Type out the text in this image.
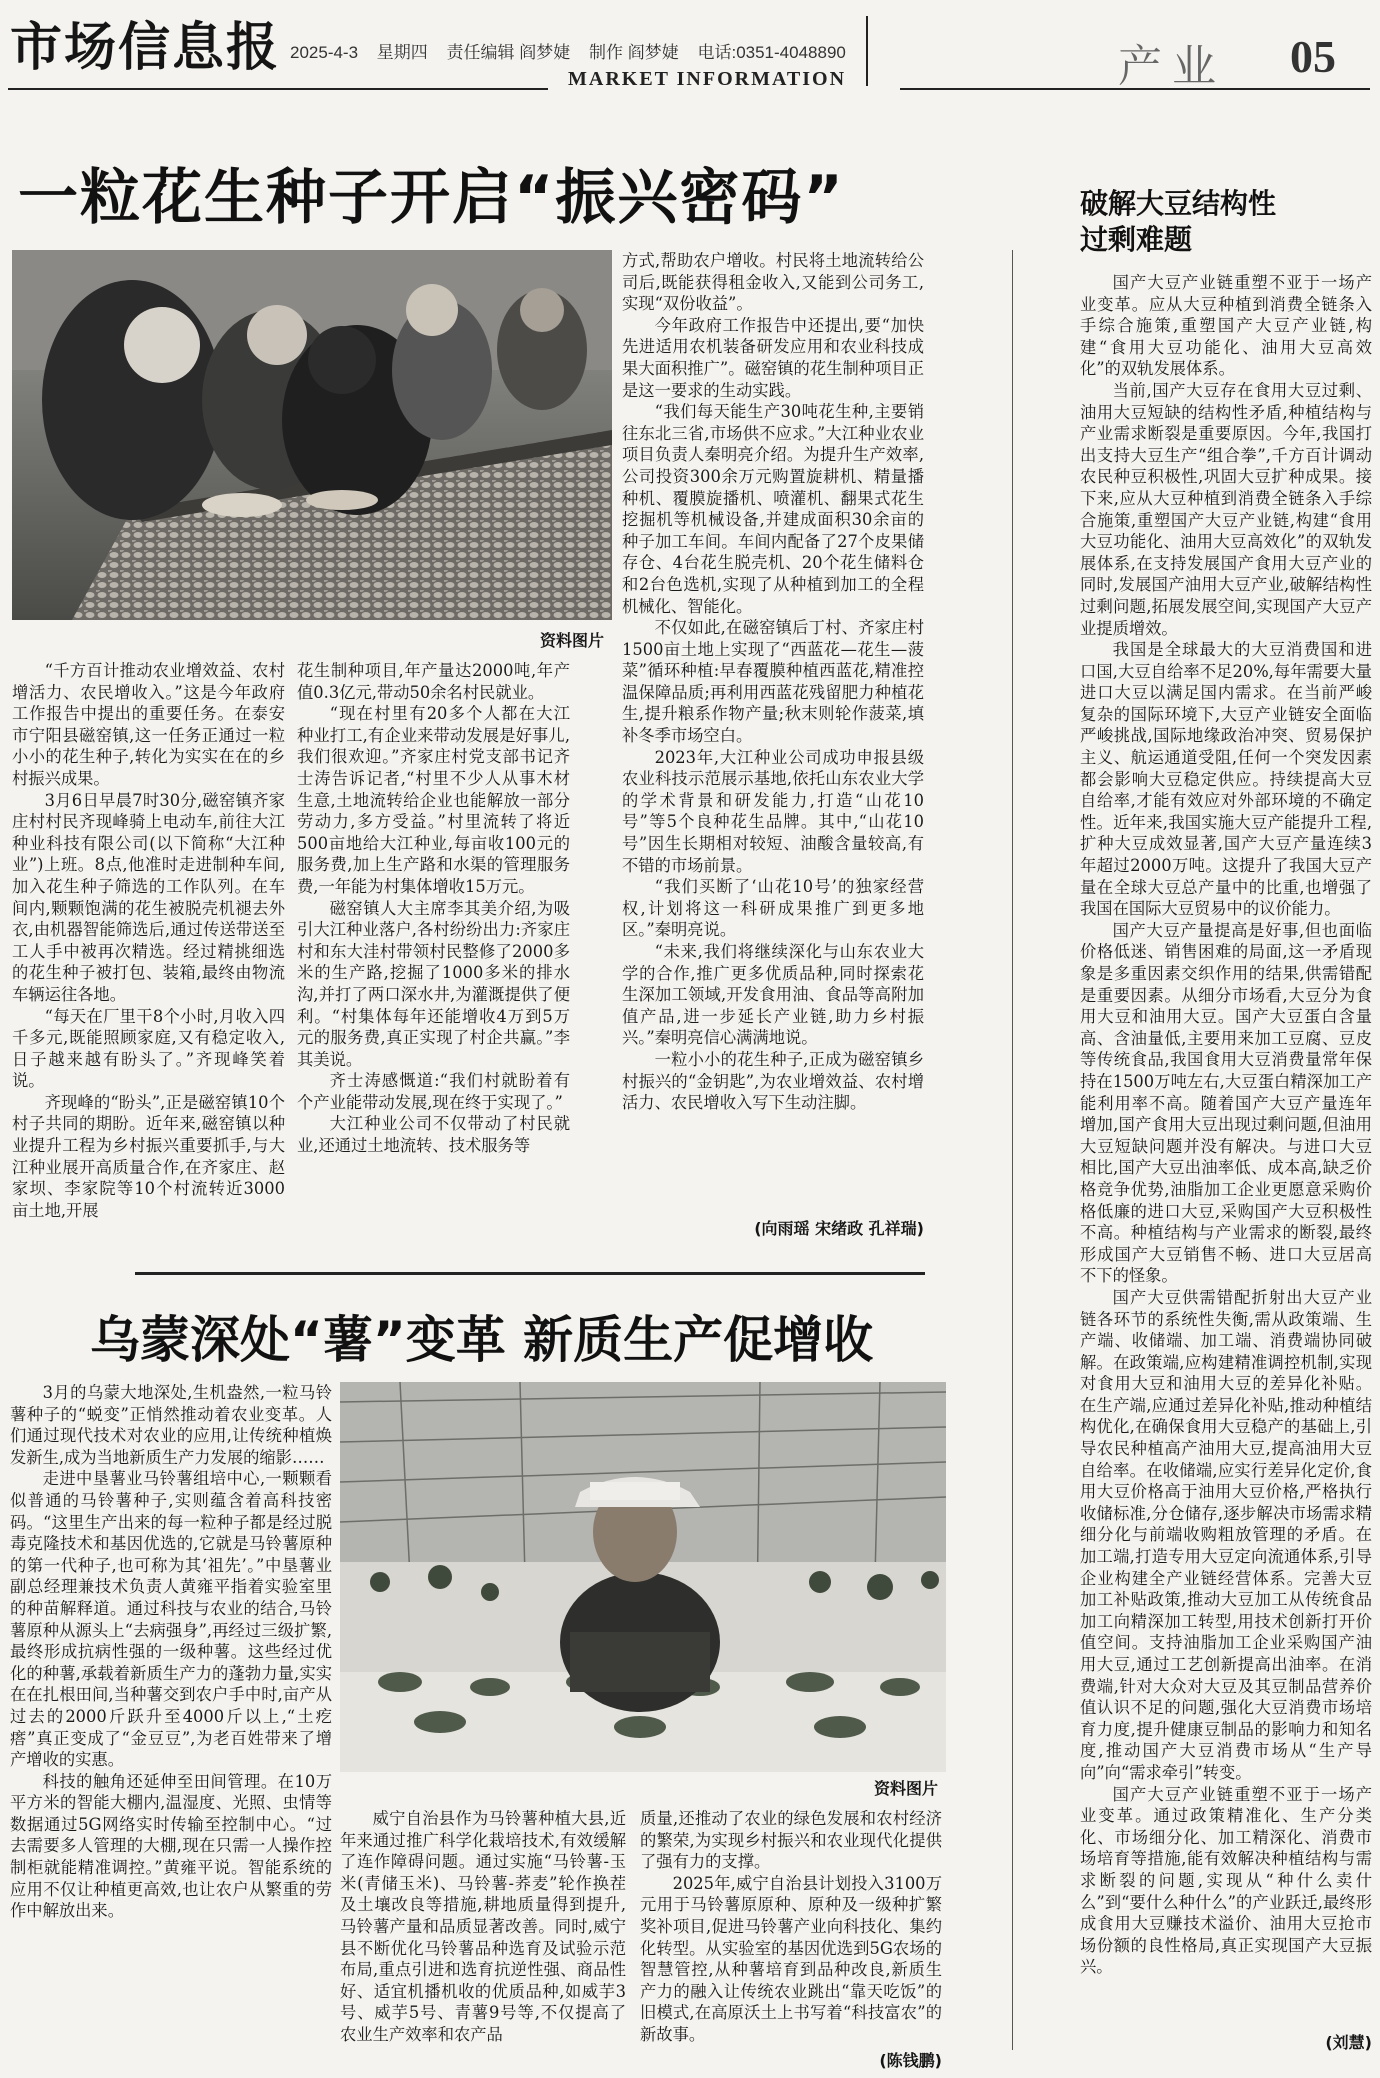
市场信息报 2025-4-3 星期四 责任编辑 阎梦婕 制作 阎梦婕 电话:0351-4048890
MARKET INFORMATION	产业 05
一粒花生种子开启“振兴密码”
资料图片

“千方百计推动农业增效益、农村增活力、农民增收入。”这是今年政府工作报告中提出的重要任务。在泰安市宁阳县磁窑镇,这一任务正通过一粒小小的花生种子,转化为实实在在的乡村振兴成果。

3月6日早晨7时30分,磁窑镇齐家庄村村民齐现峰骑上电动车,前往大江种业科技有限公司(以下简称“大江种业”)上班。8点,他准时走进制种车间,加入花生种子筛选的工作队列。在车间内,颗颗饱满的花生被脱壳机褪去外衣,由机器智能筛选后,通过传送带送至工人手中被再次精选。经过精挑细选的花生种子被打包、装箱,最终由物流车辆运往各地。

“每天在厂里干8个小时,月收入四千多元,既能照顾家庭,又有稳定收入,日子越来越有盼头了。”齐现峰笑着说。

齐现峰的“盼头”,正是磁窑镇10个村子共同的期盼。近年来,磁窑镇以种业提升工程为乡村振兴重要抓手,与大江种业展开高质量合作,在齐家庄、赵家坝、李家院等10个村流转近3000亩土地,开展

花生制种项目,年产量达2000吨,年产值0.3亿元,带动50余名村民就业。

“现在村里有20多个人都在大江种业打工,有企业来带动发展是好事儿,我们很欢迎。”齐家庄村党支部书记齐士涛告诉记者,“村里不少人从事木材生意,土地流转给企业也能解放一部分劳动力,多方受益。”村里流转了将近500亩地给大江种业,每亩收100元的服务费,加上生产路和水渠的管理服务费,一年能为村集体增收15万元。

磁窑镇人大主席李其美介绍,为吸引大江种业落户,各村纷纷出力:齐家庄村和东大洼村带领村民整修了2000多米的生产路,挖掘了1000多米的排水沟,并打了两口深水井,为灌溉提供了便利。“村集体每年还能增收4万到5万元的服务费,真正实现了村企共赢。”李其美说。

齐士涛感慨道:“我们村就盼着有个产业能带动发展,现在终于实现了。”

大江种业公司不仅带动了村民就业,还通过土地流转、技术服务等

方式,帮助农户增收。村民将土地流转给公司后,既能获得租金收入,又能到公司务工,实现“双份收益”。

今年政府工作报告中还提出,要“加快先进适用农机装备研发应用和农业科技成果大面积推广”。磁窑镇的花生制种项目正是这一要求的生动实践。

“我们每天能生产30吨花生种,主要销往东北三省,市场供不应求。”大江种业农业项目负责人秦明亮介绍。为提升生产效率,公司投资300余万元购置旋耕机、精量播种机、覆膜旋播机、喷灌机、翻果式花生挖掘机等机械设备,并建成面积30余亩的种子加工车间。车间内配备了27个皮果储存仓、4台花生脱壳机、20个花生储料仓和2台色选机,实现了从种植到加工的全程机械化、智能化。

不仅如此,在磁窑镇后丁村、齐家庄村1500亩土地上实现了“西蓝花—花生—菠菜”循环种植:早春覆膜种植西蓝花,精准控温保障品质;再利用西蓝花残留肥力种植花生,提升粮系作物产量;秋末则轮作菠菜,填补冬季市场空白。

2023年,大江种业公司成功申报县级农业科技示范展示基地,依托山东农业大学的学术背景和研发能力,打造“山花10号”等5个良种花生品牌。其中,“山花10号”因生长期相对较短、油酸含量较高,有不错的市场前景。

“我们买断了‘山花10号’的独家经营权,计划将这一科研成果推广到更多地区。”秦明亮说。

“未来,我们将继续深化与山东农业大学的合作,推广更多优质品种,同时探索花生深加工领域,开发食用油、食品等高附加值产品,进一步延长产业链,助力乡村振兴。”秦明亮信心满满地说。

一粒小小的花生种子,正成为磁窑镇乡村振兴的“金钥匙”,为农业增效益、农村增活力、农民增收入写下生动注脚。

(向雨瑶 宋绪政 孔祥瑞)
乌蒙深处“薯”变革 新质生产促增收

3月的乌蒙大地深处,生机盎然,一粒马铃薯种子的“蜕变”正悄然推动着农业变革。人们通过现代技术对农业的应用,让传统种植焕发新生,成为当地新质生产力发展的缩影……

走进中垦薯业马铃薯组培中心,一颗颗看似普通的马铃薯种子,实则蕴含着高科技密码。“这里生产出来的每一粒种子都是经过脱毒克隆技术和基因优选的,它就是马铃薯原种的第一代种子,也可称为其‘祖先’。”中垦薯业副总经理兼技术负责人黄雍平指着实验室里的种苗解释道。通过科技与农业的结合,马铃薯原种从源头上“去病强身”,再经过三级扩繁,最终形成抗病性强的一级种薯。这些经过优化的种薯,承载着新质生产力的蓬勃力量,实实在在扎根田间,当种薯交到农户手中时,亩产从过去的2000斤跃升至4000斤以上,“土疙瘩”真正变成了“金豆豆”,为老百姓带来了增产增收的实惠。

科技的触角还延伸至田间管理。在10万平方米的智能大棚内,温湿度、光照、虫情等数据通过5G网络实时传输至控制中心。“过去需要多人管理的大棚,现在只需一人操作控制柜就能精准调控。”黄雍平说。智能系统的应用不仅让种植更高效,也让农户从繁重的劳作中解放出来。

资料图片

威宁自治县作为马铃薯种植大县,近年来通过推广科学化栽培技术,有效缓解了连作障碍问题。通过实施“马铃薯-玉米(青储玉米)、马铃薯-荞麦”轮作换茬及土壤改良等措施,耕地质量得到提升,马铃薯产量和品质显著改善。同时,威宁县不断优化马铃薯品种选育及试验示范布局,重点引进和选育抗逆性强、商品性好、适宜机播机收的优质品种,如威芋3号、威芋5号、青薯9号等,不仅提高了农业生产效率和农产品

质量,还推动了农业的绿色发展和农村经济的繁荣,为实现乡村振兴和农业现代化提供了强有力的支撑。

2025年,威宁自治县计划投入3100万元用于马铃薯原原种、原种及一级种扩繁奖补项目,促进马铃薯产业向科技化、集约化转型。从实验室的基因优选到5G农场的智慧管控,从种薯培育到品种改良,新质生产力的融入让传统农业跳出“靠天吃饭”的旧模式,在高原沃土上书写着“科技富农”的新故事。

(陈钱鹏)
破解大豆结构性
过剩难题

国产大豆产业链重塑不亚于一场产业变革。应从大豆种植到消费全链条入手综合施策,重塑国产大豆产业链,构建“食用大豆功能化、油用大豆高效化”的双轨发展体系。

当前,国产大豆存在食用大豆过剩、油用大豆短缺的结构性矛盾,种植结构与产业需求断裂是重要原因。今年,我国打出支持大豆生产“组合拳”,千方百计调动农民种豆积极性,巩固大豆扩种成果。接下来,应从大豆种植到消费全链条入手综合施策,重塑国产大豆产业链,构建“食用大豆功能化、油用大豆高效化”的双轨发展体系,在支持发展国产食用大豆产业的同时,发展国产油用大豆产业,破解结构性过剩问题,拓展发展空间,实现国产大豆产业提质增效。

我国是全球最大的大豆消费国和进口国,大豆自给率不足20%,每年需要大量进口大豆以满足国内需求。在当前严峻复杂的国际环境下,大豆产业链安全面临严峻挑战,国际地缘政治冲突、贸易保护主义、航运通道受阻,任何一个突发因素都会影响大豆稳定供应。持续提高大豆自给率,才能有效应对外部环境的不确定性。近年来,我国实施大豆产能提升工程,扩种大豆成效显著,国产大豆产量连续3年超过2000万吨。这提升了我国大豆产量在全球大豆总产量中的比重,也增强了我国在国际大豆贸易中的议价能力。

国产大豆产量提高是好事,但也面临价格低迷、销售困难的局面,这一矛盾现象是多重因素交织作用的结果,供需错配是重要因素。从细分市场看,大豆分为食用大豆和油用大豆。国产大豆蛋白含量高、含油量低,主要用来加工豆腐、豆皮等传统食品,我国食用大豆消费量常年保持在1500万吨左右,大豆蛋白精深加工产能利用率不高。随着国产大豆产量连年增加,国产食用大豆出现过剩问题,但油用大豆短缺问题并没有解决。与进口大豆相比,国产大豆出油率低、成本高,缺乏价格竞争优势,油脂加工企业更愿意采购价格低廉的进口大豆,采购国产大豆积极性不高。种植结构与产业需求的断裂,最终形成国产大豆销售不畅、进口大豆居高不下的怪象。

国产大豆供需错配折射出大豆产业链各环节的系统性失衡,需从政策端、生产端、收储端、加工端、消费端协同破解。在政策端,应构建精准调控机制,实现对食用大豆和油用大豆的差异化补贴。在生产端,应通过差异化补贴,推动种植结构优化,在确保食用大豆稳产的基础上,引导农民种植高产油用大豆,提高油用大豆自给率。在收储端,应实行差异化定价,食用大豆价格高于油用大豆价格,严格执行收储标准,分仓储存,逐步解决市场需求精细分化与前端收购粗放管理的矛盾。在加工端,打造专用大豆定向流通体系,引导企业构建全产业链经营体系。完善大豆加工补贴政策,推动大豆加工从传统食品加工向精深加工转型,用技术创新打开价值空间。支持油脂加工企业采购国产油用大豆,通过工艺创新提高出油率。在消费端,针对大众对大豆及其豆制品营养价值认识不足的问题,强化大豆消费市场培育力度,提升健康豆制品的影响力和知名度,推动国产大豆消费市场从“生产导向”向“需求牵引”转变。

国产大豆产业链重塑不亚于一场产业变革。通过政策精准化、生产分类化、市场细分化、加工精深化、消费市场培育等措施,能有效解决种植结构与需求断裂的问题,实现从“种什么卖什么”到“要什么种什么”的产业跃迁,最终形成食用大豆赚技术溢价、油用大豆抢市场份额的良性格局,真正实现国产大豆振兴。

(刘慧)
